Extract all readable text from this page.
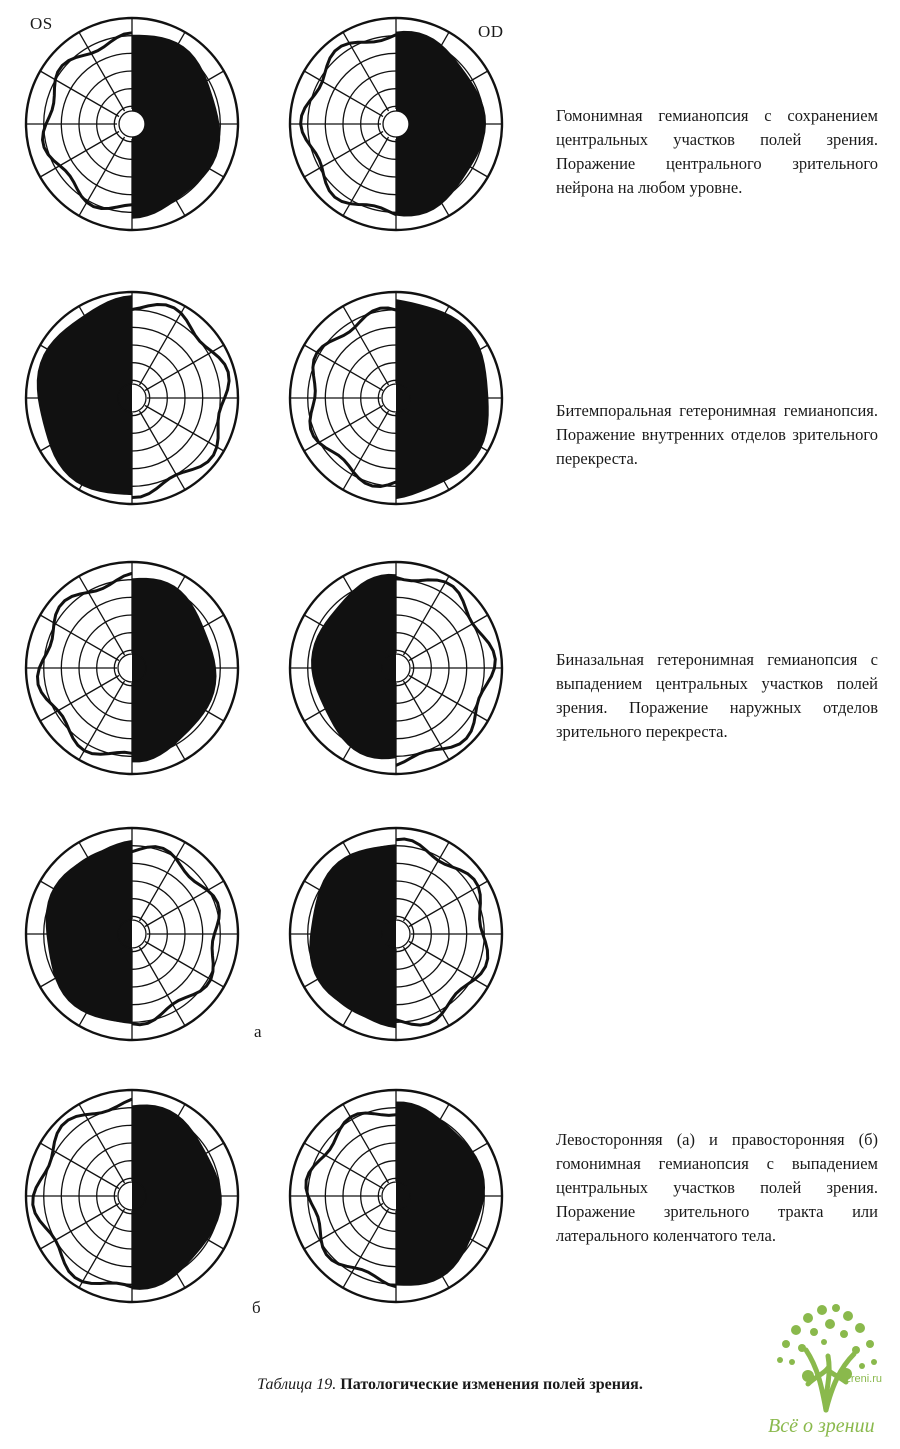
OS	OD
а
б

Гомонимная гемианопсия с сохранением центральных участков полей зрения. Поражение центрального зрительного нейрона на любом уровне.

Битемпоральная гетеронимная гемианопсия. Поражение внутренних отделов зрительного перекреста.

Биназальная гетеронимная гемианопсия с выпадением центральных участков полей зрения. Поражение наружных отделов зрительного перекреста.

Левосторонняя (а) и правосторонняя (б) гомонимная гемианопсия с выпадением центральных участков полей зрения. Поражение зрительного тракта или латерального коленчатого тела.

Таблица 19. Патологические изменения полей зрения.	zreni.ru
Всё о зрении
